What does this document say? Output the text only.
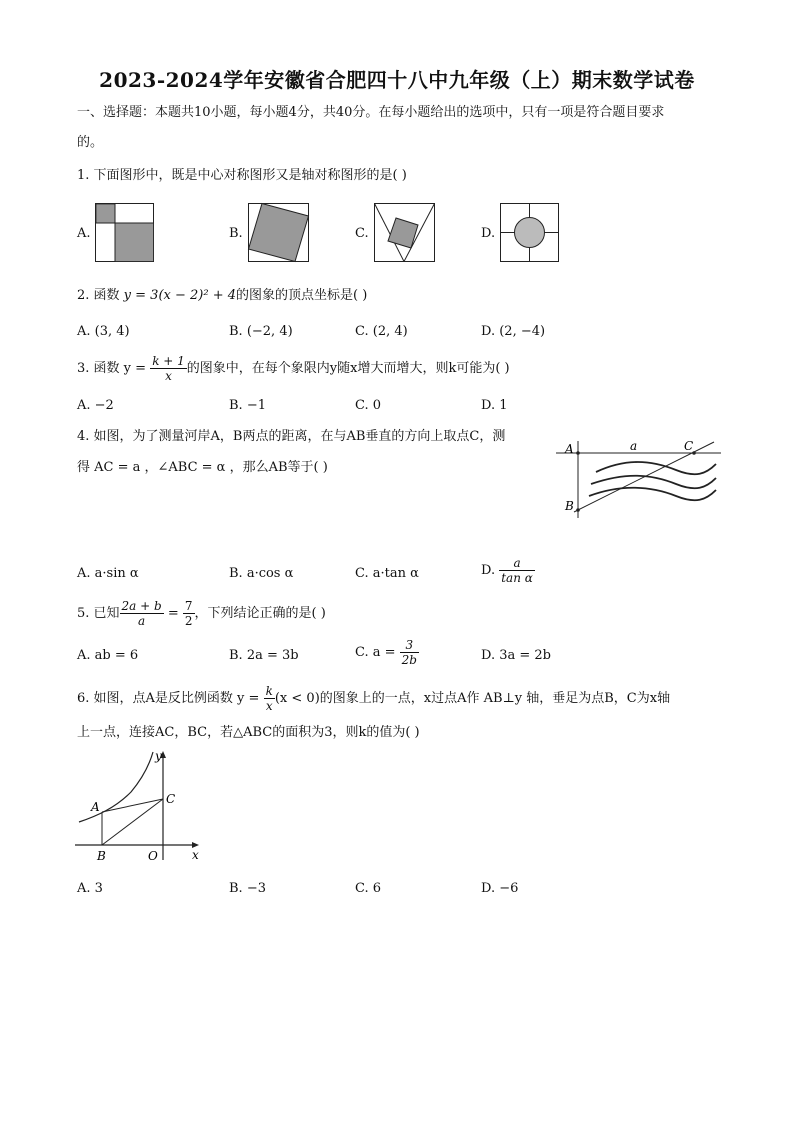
2023-2024学年安徽省合肥四十八中九年级（上）期末数学试卷
一、选择题：本题共10小题，每小题4分，共40分。在每小题给出的选项中，只有一项是符合题目要求
的。
1. 下面图形中，既是中心对称图形又是轴对称图形的是( )
A.	B.	C.	D.
2. 函数 y = 3(x − 2)² + 4的图象的顶点坐标是( )
A. (3, 4)	B. (−2, 4)	C. (2, 4)	D. (2, −4)
3. 函数 $y = \frac{k + 1}{x}$ 的图象中，在每个象限内y随x增大而增大，则k可能为( )
A. −2	B. −1	C. 0	D. 1
4. 如图，为了测量河岸A，B两点的距离，在与AB垂直的方向上取点C，测
得 AC = a ，∠ABC = α ，那么AB等于( )
A	a	C
B
A. a·sin α	B. a·cos α	C. a·tan α	D. $\frac{a}{\text{tan α}}$
5. 已知 $\frac{2a + b}{a} = \frac{7}{2}$ ，下列结论正确的是( )
A. ab = 6	B. 2a = 3b	C. $a = \frac{3}{2b}$	D. 3a = 2b
6. 如图，点A是反比例函数 $y = \frac{k}{x} (x < 0)$的图象上的一点，x过点A作 AB⊥y 轴，垂足为点B，C为x轴
上一点，连接AC，BC，若△ABC的面积为3，则k的值为( )
y
x
A
B
C
O
A. 3	B. −3	C. 6	D. −6
